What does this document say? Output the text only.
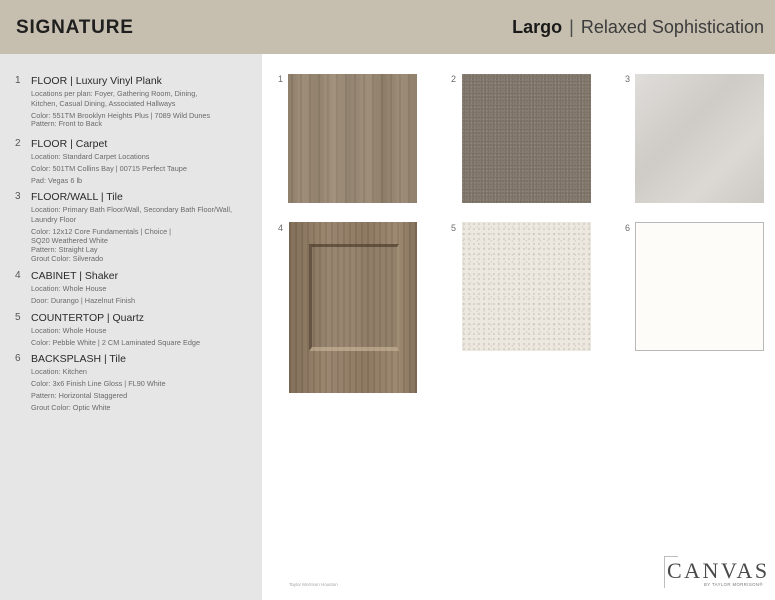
SIGNATURE	Largo | Relaxed Sophistication
1 FLOOR | Luxury Vinyl Plank
Locations per plan: Foyer, Gathering Room, Dining,
Kitchen, Casual Dining, Associated Hallways
Color: 551TM Brooklyn Heights Plus | 7089 Wild Dunes
Pattern: Front to Back
2 FLOOR | Carpet
Location: Standard Carpet Locations
Color: 501TM Collins Bay | 00715 Perfect Taupe
Pad: Vegas 6 lb
3 FLOOR/WALL | Tile
Location: Primary Bath Floor/Wall, Secondary Bath Floor/Wall,
Laundry Floor
Color: 12x12 Core Fundamentals | Choice |
SQ20 Weathered White
Pattern: Straight Lay
Grout Color: Silverado
4 CABINET | Shaker
Location: Whole House
Door: Durango | Hazelnut Finish
5 COUNTERTOP | Quartz
Location: Whole House
Color: Pebble White | 2 CM Laminated Square Edge
6 BACKSPLASH | Tile
Location: Kitchen
Color: 3x6 Finish Line Gloss | FL90 White
Pattern: Horizontal Staggered
Grout Color: Optic White
1	2	3
4	5	6
Taylor Morrison Houston
CANVAS
BY TAYLOR MORRISON®
